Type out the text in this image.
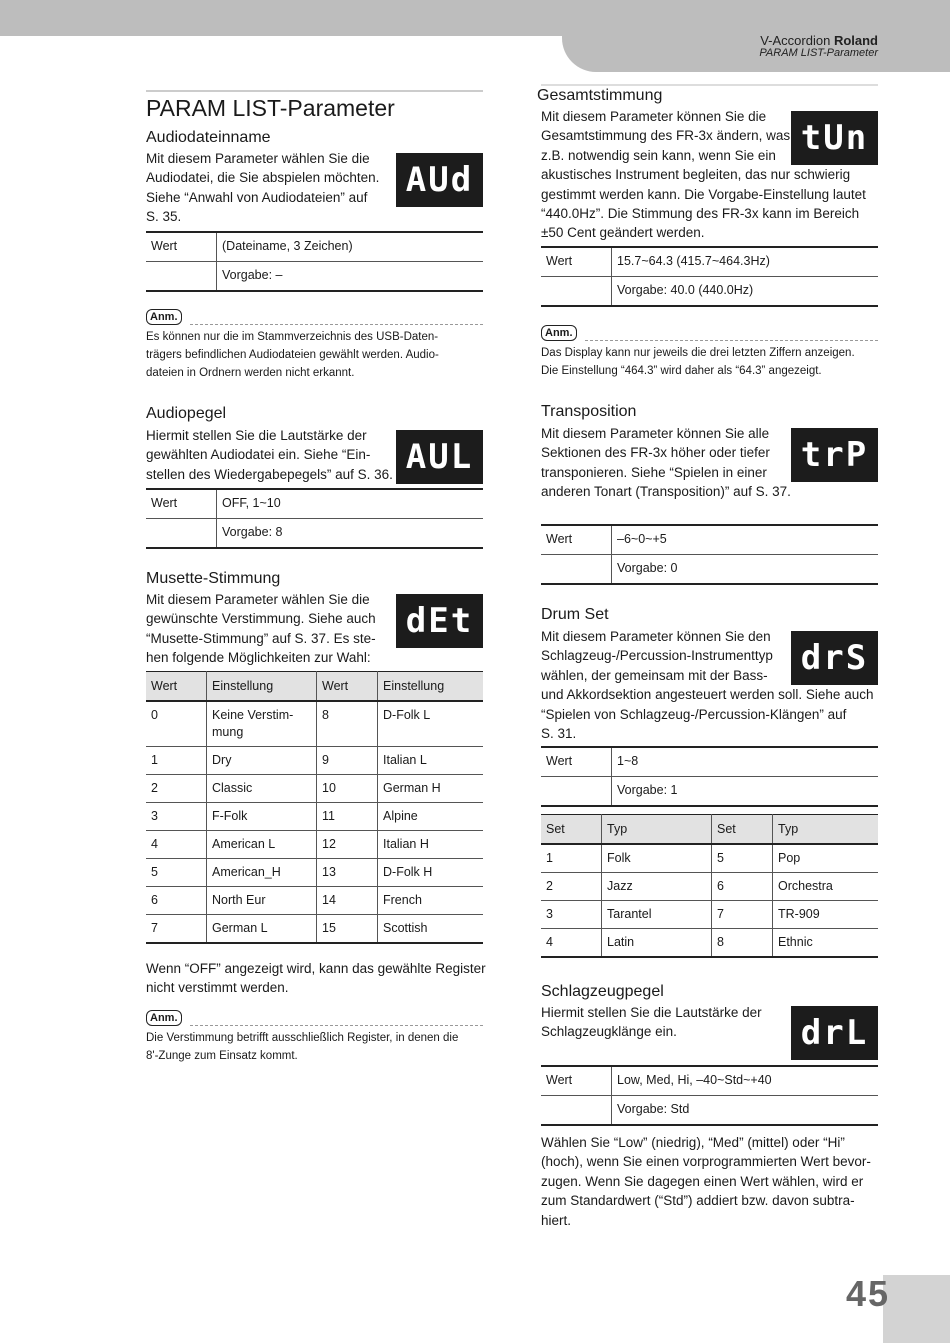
V-Accordion Roland
PARAM LIST-Parameter
PARAM LIST-Parameter
Audiodateinname
Mit diesem Parameter wählen Sie die
Audiodatei, die Sie abspielen möchten.
Siehe “Anwahl von Audiodateien” auf
S. 35.
AUd
Wert	(Dateiname, 3 Zeichen)
	Vorgabe: –
Anm.
Es können nur die im Stammverzeichnis des USB-Daten-
trägers befindlichen Audiodateien gewählt werden. Audio-
dateien in Ordnern werden nicht erkannt.
Audiopegel
Hiermit stellen Sie die Lautstärke der
gewählten Audiodatei ein. Siehe “Ein-
stellen des Wiedergabepegels” auf S. 36. AUL
Wert	OFF, 1~10
	Vorgabe: 8
Musette-Stimmung
Mit diesem Parameter wählen Sie die
gewünschte Verstimmung. Siehe auch
“Musette-Stimmung” auf S. 37. Es ste-
hen folgende Möglichkeiten zur Wahl:
dEt
Wert	Einstellung	Wert	Einstellung
0	Keine Verstim-
mung	8	D-Folk L
1	Dry	9	Italian L
2	Classic	10	German H
3	F-Folk	11	Alpine
4	American L	12	Italian H
5	American_H	13	D-Folk H
6	North Eur	14	French
7	German L	15	Scottish
Wenn “OFF” angezeigt wird, kann das gewählte Register
nicht verstimmt werden.
Anm.
Die Verstimmung betrifft ausschließlich Register, in denen die
8'-Zunge zum Einsatz kommt.
Gesamtstimmung
Mit diesem Parameter können Sie die
Gesamtstimmung des FR-3x ändern, was
z.B. notwendig sein kann, wenn Sie ein
akustisches Instrument begleiten, das nur schwierig
gestimmt werden kann. Die Vorgabe-Einstellung lautet
“440.0Hz”. Die Stimmung des FR-3x kann im Bereich
±50 Cent geändert werden.
tUn
Wert	15.7~64.3 (415.7~464.3Hz)
	Vorgabe: 40.0 (440.0Hz)
Anm.
Das Display kann nur jeweils die drei letzten Ziffern anzeigen.
Die Einstellung “464.3” wird daher als “64.3” angezeigt.
Transposition
Mit diesem Parameter können Sie alle
Sektionen des FR-3x höher oder tiefer
transponieren. Siehe “Spielen in einer
anderen Tonart (Transposition)” auf S. 37.
trP
Wert	–6~0~+5
	Vorgabe: 0
Drum Set
Mit diesem Parameter können Sie den
Schlagzeug-/Percussion-Instrumenttyp
wählen, der gemeinsam mit der Bass-
und Akkordsektion angesteuert werden soll. Siehe auch
“Spielen von Schlagzeug-/Percussion-Klängen” auf
S. 31.
drS
Wert	1~8
	Vorgabe: 1
Set	Typ	Set	Typ
1	Folk	5	Pop
2	Jazz	6	Orchestra
3	Tarantel	7	TR-909
4	Latin	8	Ethnic
Schlagzeugpegel
Hiermit stellen Sie die Lautstärke der
Schlagzeugklänge ein.	drL
Wert	Low, Med, Hi, –40~Std~+40
	Vorgabe: Std
Wählen Sie “Low” (niedrig), “Med” (mittel) oder “Hi”
(hoch), wenn Sie einen vorprogrammierten Wert bevor-
zugen. Wenn Sie dagegen einen Wert wählen, wird er
zum Standardwert (“Std”) addiert bzw. davon subtra-
hiert.
45
